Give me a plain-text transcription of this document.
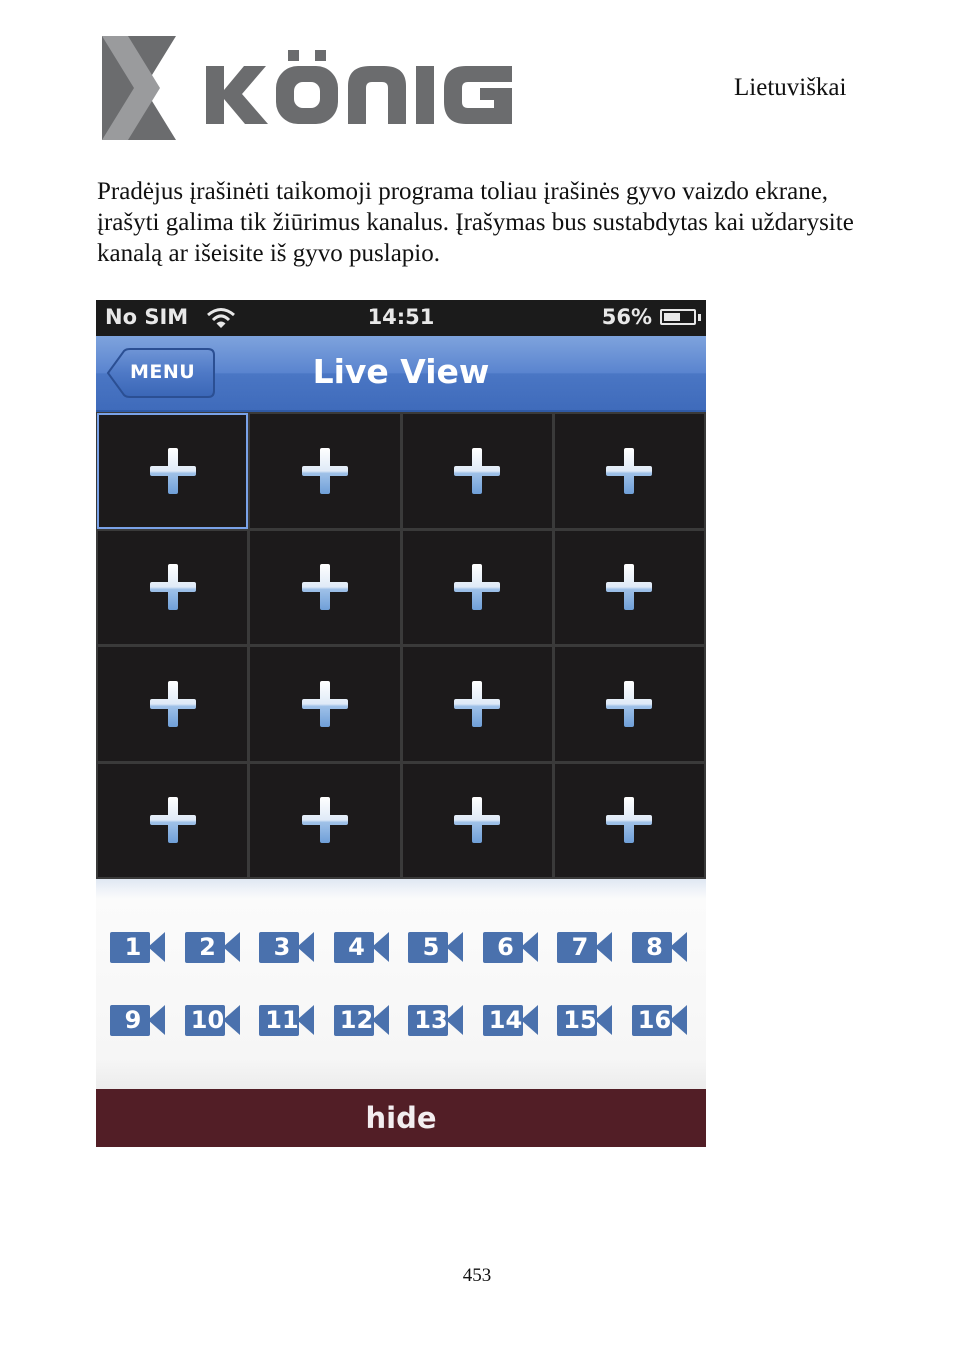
Lietuviškai

Pradėjus įrašinėti taikomoji programa toliau įrašinės gyvo vaizdo ekrane, įrašyti galima tik žiūrimus kanalus. Įrašymas bus sustabdytas kai uždarysite kanalą ar išeisite iš gyvo puslapio.

No SIM	14:51	56%
MENU	Live View
1	2	3	4	5	6	7	8
9	10 11 12 13 14 15 16
hide
453
